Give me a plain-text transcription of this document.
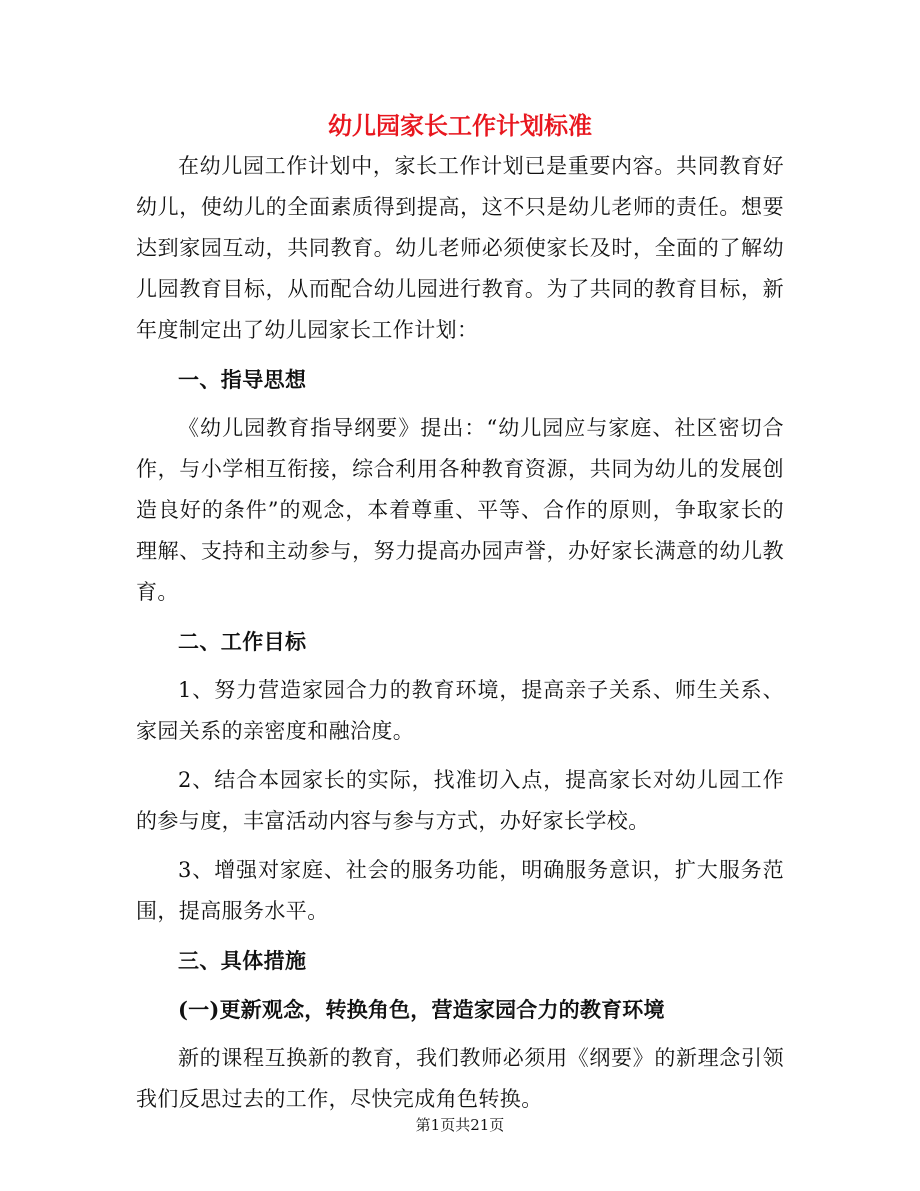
幼儿园家长工作计划标准

在幼儿园工作计划中，家长工作计划已是重要内容。共同教育好幼儿，使幼儿的全面素质得到提高，这不只是幼儿老师的责任。想要达到家园互动，共同教育。幼儿老师必须使家长及时，全面的了解幼儿园教育目标，从而配合幼儿园进行教育。为了共同的教育目标，新年度制定出了幼儿园家长工作计划：

一、指导思想

《幼儿园教育指导纲要》提出：“幼儿园应与家庭、社区密切合作，与小学相互衔接，综合利用各种教育资源，共同为幼儿的发展创造良好的条件”的观念，本着尊重、平等、合作的原则，争取家长的理解、支持和主动参与，努力提高办园声誉，办好家长满意的幼儿教育。

二、工作目标

1、努力营造家园合力的教育环境，提高亲子关系、师生关系、家园关系的亲密度和融洽度。

2、结合本园家长的实际，找准切入点，提高家长对幼儿园工作的参与度，丰富活动内容与参与方式，办好家长学校。

3、增强对家庭、社会的服务功能，明确服务意识，扩大服务范围，提高服务水平。

三、具体措施

(一)更新观念，转换角色，营造家园合力的教育环境

新的课程互换新的教育，我们教师必须用《纲要》的新理念引领我们反思过去的工作，尽快完成角色转换。

第1页共21页
